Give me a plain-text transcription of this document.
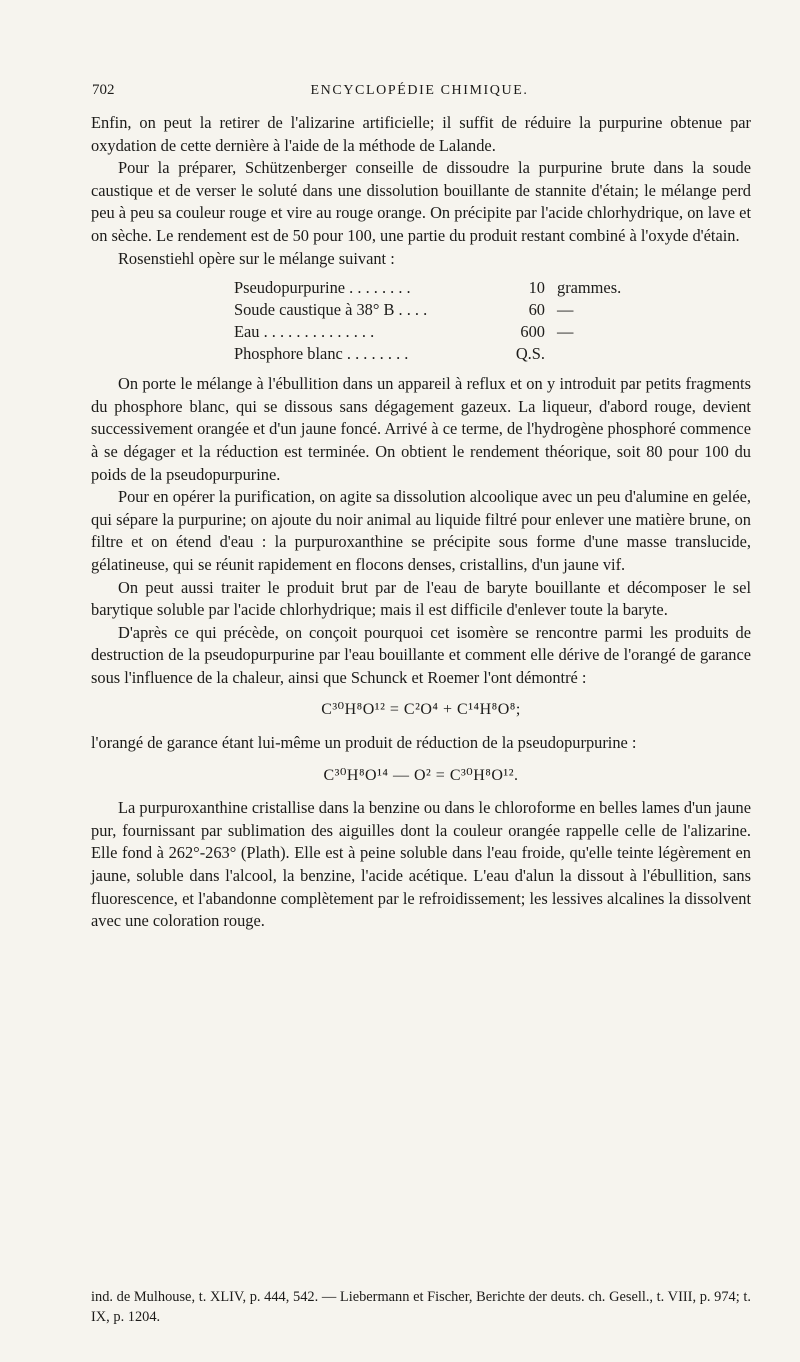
702	ENCYCLOPÉDIE CHIMIQUE.

Enfin, on peut la retirer de l'alizarine artificielle; il suffit de réduire la purpurine obtenue par oxydation de cette dernière à l'aide de la méthode de Lalande.

Pour la préparer, Schützenberger conseille de dissoudre la purpurine brute dans la soude caustique et de verser le soluté dans une dissolution bouillante de stannite d'étain; le mélange perd peu à peu sa couleur rouge et vire au rouge orange. On précipite par l'acide chlorhydrique, on lave et on sèche. Le rendement est de 50 pour 100, une partie du produit restant combiné à l'oxyde d'étain.

Rosenstiehl opère sur le mélange suivant :

Pseudopurpurine . . . . . . . .	10 grammes.
Soude caustique à 38° B . . . .	60 —
Eau . . . . . . . . . . . . . .	600 —
Phosphore blanc . . . . . . . .	Q.S.

On porte le mélange à l'ébullition dans un appareil à reflux et on y introduit par petits fragments du phosphore blanc, qui se dissous sans dégagement gazeux. La liqueur, d'abord rouge, devient successivement orangée et d'un jaune foncé. Arrivé à ce terme, de l'hydrogène phosphoré commence à se dégager et la réduction est terminée. On obtient le rendement théorique, soit 80 pour 100 du poids de la pseudopurpurine.

Pour en opérer la purification, on agite sa dissolution alcoolique avec un peu d'alumine en gelée, qui sépare la purpurine; on ajoute du noir animal au liquide filtré pour enlever une matière brune, on filtre et on étend d'eau : la purpuroxanthine se précipite sous forme d'une masse translucide, gélatineuse, qui se réunit rapidement en flocons denses, cristallins, d'un jaune vif.

On peut aussi traiter le produit brut par de l'eau de baryte bouillante et décomposer le sel barytique soluble par l'acide chlorhydrique; mais il est difficile d'enlever toute la baryte.

D'après ce qui précède, on conçoit pourquoi cet isomère se rencontre parmi les produits de destruction de la pseudopurpurine par l'eau bouillante et comment elle dérive de l'orangé de garance sous l'influence de la chaleur, ainsi que Schunck et Roemer l'ont démontré :

C³⁰H⁸O¹² = C²O⁴ + C¹⁴H⁸O⁸;

l'orangé de garance étant lui-même un produit de réduction de la pseudopurpurine :

C³⁰H⁸O¹⁴ — O² = C³⁰H⁸O¹².

La purpuroxanthine cristallise dans la benzine ou dans le chloroforme en belles lames d'un jaune pur, fournissant par sublimation des aiguilles dont la couleur orangée rappelle celle de l'alizarine. Elle fond à 262°-263° (Plath). Elle est à peine soluble dans l'eau froide, qu'elle teinte légèrement en jaune, soluble dans l'alcool, la benzine, l'acide acétique. L'eau d'alun la dissout à l'ébullition, sans fluorescence, et l'abandonne complètement par le refroidissement; les lessives alcalines la dissolvent avec une coloration rouge.

ind. de Mulhouse, t. XLIV, p. 444, 542. — Liebermann et Fischer, Berichte der deuts. ch. Gesell., t. VIII, p. 974; t. IX, p. 1204.
